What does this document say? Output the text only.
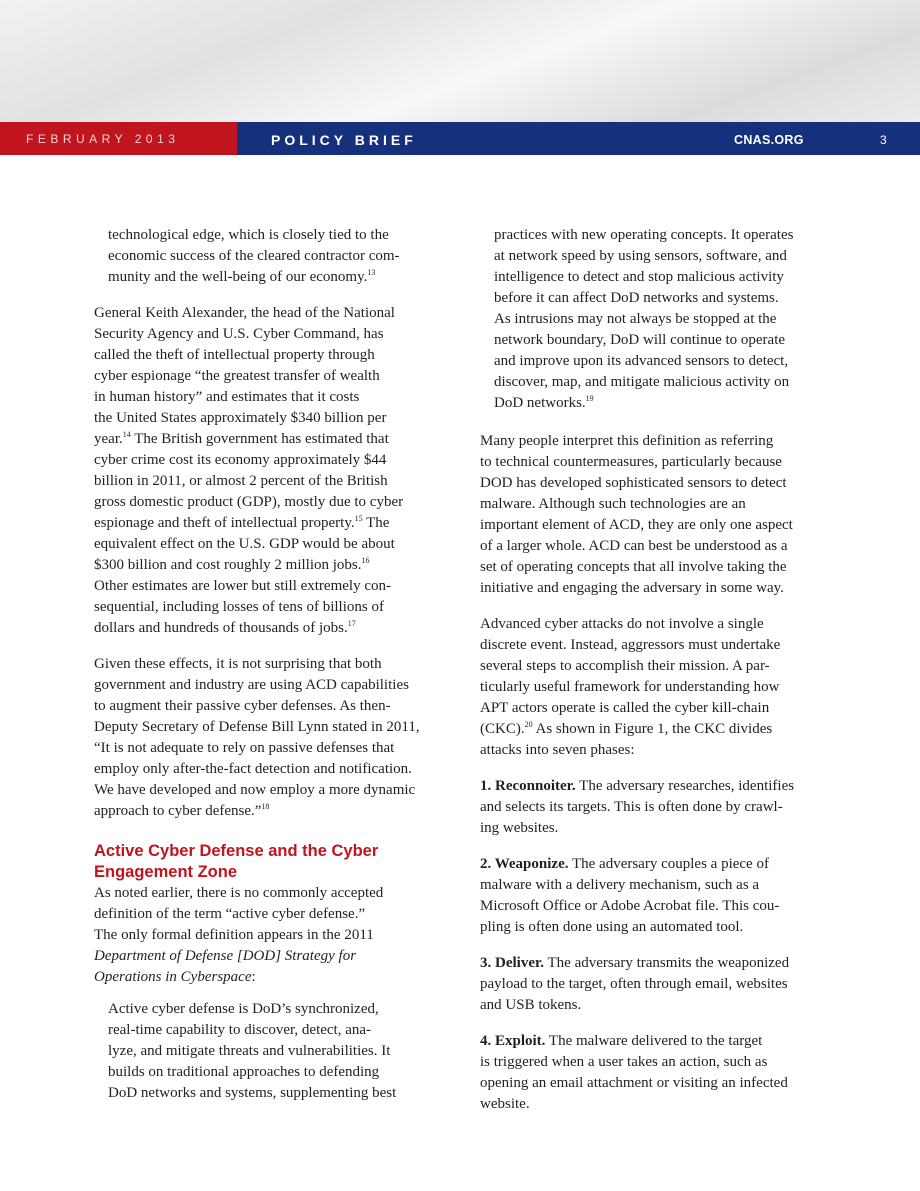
FEBRUARY 2013	POLICY BRIEF	CNAS.ORG	3

technological edge, which is closely tied to the
economic success of the cleared contractor com-
munity and the well-being of our economy.$^{13}$

General Keith Alexander, the head of the National
Security Agency and U.S. Cyber Command, has
called the theft of intellectual property through
cyber espionage “the greatest transfer of wealth
in human history” and estimates that it costs
the United States approximately $340 billion per
year.$^{14}$ The British government has estimated that
cyber crime cost its economy approximately $44
billion in 2011, or almost 2 percent of the British
gross domestic product (GDP), mostly due to cyber
espionage and theft of intellectual property.$^{15}$ The
equivalent effect on the U.S. GDP would be about
$300 billion and cost roughly 2 million jobs.$^{16}$
Other estimates are lower but still extremely con-
sequential, including losses of tens of billions of
dollars and hundreds of thousands of jobs.$^{17}$

Given these effects, it is not surprising that both
government and industry are using ACD capabilities
to augment their passive cyber defenses. As then-
Deputy Secretary of Defense Bill Lynn stated in 2011,
“It is not adequate to rely on passive defenses that
employ only after-the-fact detection and notification.
We have developed and now employ a more dynamic
approach to cyber defense.”$^{18}$

Active Cyber Defense and the Cyber
Engagement Zone

As noted earlier, there is no commonly accepted
definition of the term “active cyber defense.”
The only formal definition appears in the 2011
Department of Defense [DOD] Strategy for
Operations in Cyberspace:

Active cyber defense is DoD’s synchronized,
real-time capability to discover, detect, ana-
lyze, and mitigate threats and vulnerabilities. It
builds on traditional approaches to defending
DoD networks and systems, supplementing best

practices with new operating concepts. It operates
at network speed by using sensors, software, and
intelligence to detect and stop malicious activity
before it can affect DoD networks and systems.
As intrusions may not always be stopped at the
network boundary, DoD will continue to operate
and improve upon its advanced sensors to detect,
discover, map, and mitigate malicious activity on
DoD networks.$^{19}$

Many people interpret this definition as referring
to technical countermeasures, particularly because
DOD has developed sophisticated sensors to detect
malware. Although such technologies are an
important element of ACD, they are only one aspect
of a larger whole. ACD can best be understood as a
set of operating concepts that all involve taking the
initiative and engaging the adversary in some way.

Advanced cyber attacks do not involve a single
discrete event. Instead, aggressors must undertake
several steps to accomplish their mission. A par-
ticularly useful framework for understanding how
APT actors operate is called the cyber kill-chain
(CKC).$^{20}$ As shown in Figure 1, the CKC divides
attacks into seven phases:

1. Reconnoiter. The adversary researches, identifies
and selects its targets. This is often done by crawl-
ing websites.

2. Weaponize. The adversary couples a piece of
malware with a delivery mechanism, such as a
Microsoft Office or Adobe Acrobat file. This cou-
pling is often done using an automated tool.

3. Deliver. The adversary transmits the weaponized
payload to the target, often through email, websites
and USB tokens.

4. Exploit. The malware delivered to the target
is triggered when a user takes an action, such as
opening an email attachment or visiting an infected
website.
